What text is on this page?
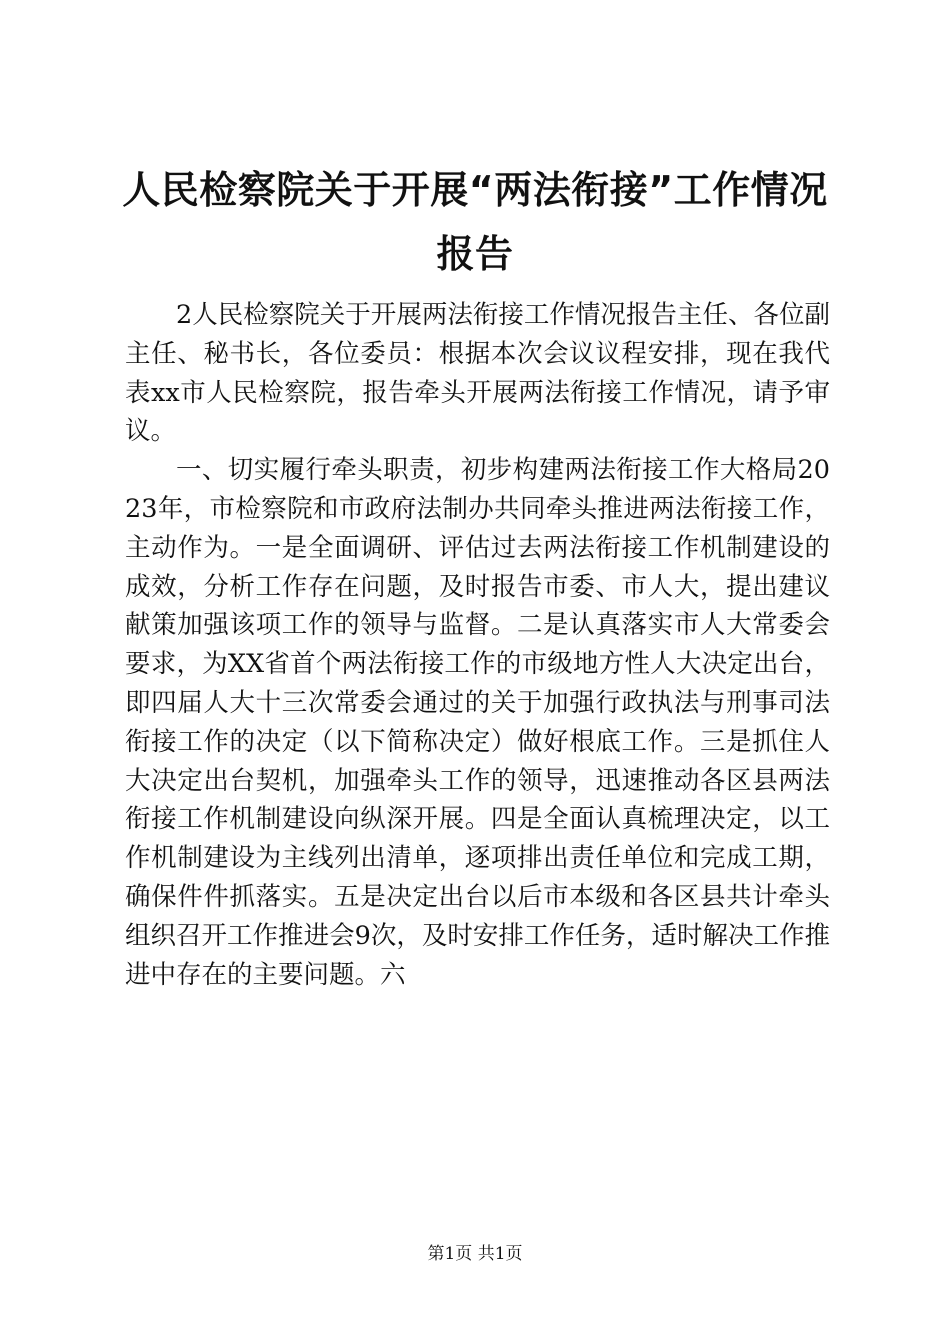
人民检察院关于开展“两法衔接”工作情况报告

2人民检察院关于开展两法衔接工作情况报告主任、各位副主任、秘书长，各位委员：根据本次会议议程安排，现在我代表xx市人民检察院，报告牵头开展两法衔接工作情况，请予审议。

一、切实履行牵头职责，初步构建两法衔接工作大格局2023年，市检察院和市政府法制办共同牵头推进两法衔接工作，主动作为。一是全面调研、评估过去两法衔接工作机制建设的成效，分析工作存在问题，及时报告市委、市人大，提出建议献策加强该项工作的领导与监督。二是认真落实市人大常委会要求，为XX省首个两法衔接工作的市级地方性人大决定出台，即四届人大十三次常委会通过的关于加强行政执法与刑事司法衔接工作的决定（以下简称决定）做好根底工作。三是抓住人大决定出台契机，加强牵头工作的领导，迅速推动各区县两法衔接工作机制建设向纵深开展。四是全面认真梳理决定，以工作机制建设为主线列出清单，逐项排出责任单位和完成工期，确保件件抓落实。五是决定出台以后市本级和各区县共计牵头组织召开工作推进会9次，及时安排工作任务，适时解决工作推进中存在的主要问题。六

第1页 共1页
